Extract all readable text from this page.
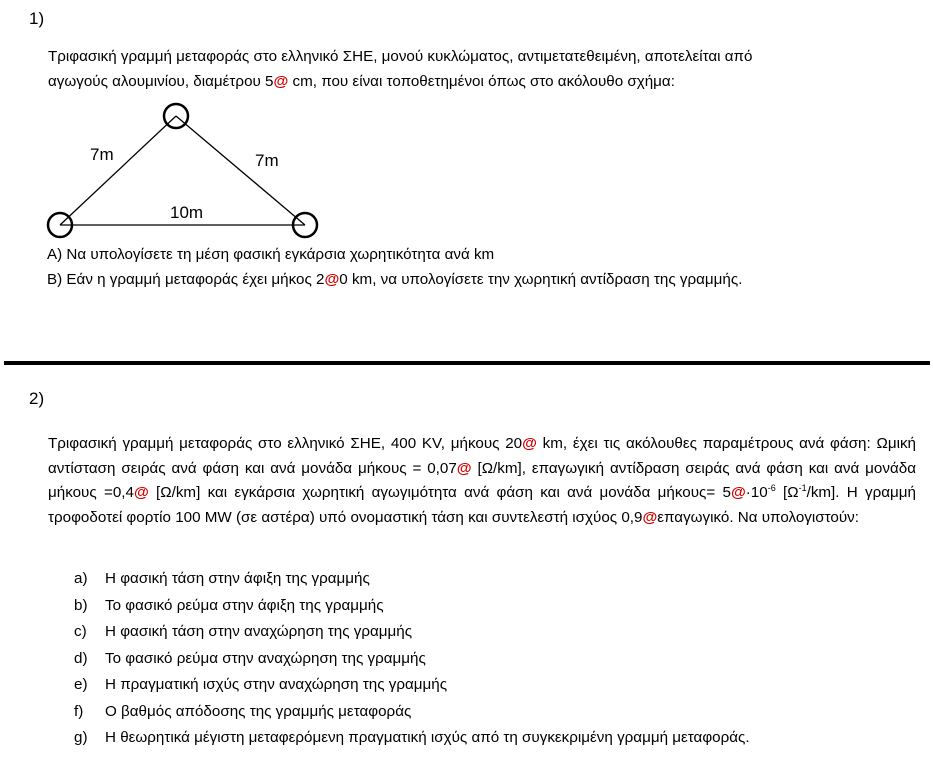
1)
Τριφασική γραμμή μεταφοράς στο ελληνικό ΣΗΕ, μονού κυκλώματος, αντιμετατεθειμένη, αποτελείται από
αγωγούς αλουμινίου, διαμέτρου 5@ cm, που είναι τοποθετημένοι όπως στο ακόλουθο σχήμα:
7m	7m
10m
Α) Να υπολογίσετε τη μέση φασική εγκάρσια χωρητικότητα ανά km
Β) Εάν η γραμμή μεταφοράς έχει μήκος 2@0 km, να υπολογίσετε την χωρητική αντίδραση της γραμμής.
2)
Τριφασική γραμμή μεταφοράς στο ελληνικό ΣΗΕ, 400 KV, μήκους 20@ km, έχει τις ακόλουθες παραμέτρους ανά φάση: Ωμική αντίσταση σειράς ανά φάση και ανά μονάδα μήκους = 0,07@ [Ω/km], επαγωγική αντίδραση σειράς ανά φάση και ανά μονάδα μήκους =0,4@ [Ω/km] και εγκάρσια χωρητική αγωγιμότητα ανά φάση και ανά μονάδα $\mu ή\kappa o\upsilon\varsigma= 5@\cdot 10^{-6}$ $[\Omega^{-1}/km]$. Η γραμμή τροφοδοτεί φορτίο 100 MW (σε αστέρα) υπό ονομαστική τάση και συντελεστή ισχύος 0,9@επαγωγικό. Να υπολογιστούν:
a) Η φασική τάση στην άφιξη της γραμμής
b) Το φασικό ρεύμα στην άφιξη της γραμμής
c) Η φασική τάση στην αναχώρηση της γραμμής
d) Το φασικό ρεύμα στην αναχώρηση της γραμμής
e) Η πραγματική ισχύς στην αναχώρηση της γραμμής
f) Ο βαθμός απόδοσης της γραμμής μεταφοράς
g) Η θεωρητικά μέγιστη μεταφερόμενη πραγματική ισχύς από τη συγκεκριμένη γραμμή μεταφοράς.
